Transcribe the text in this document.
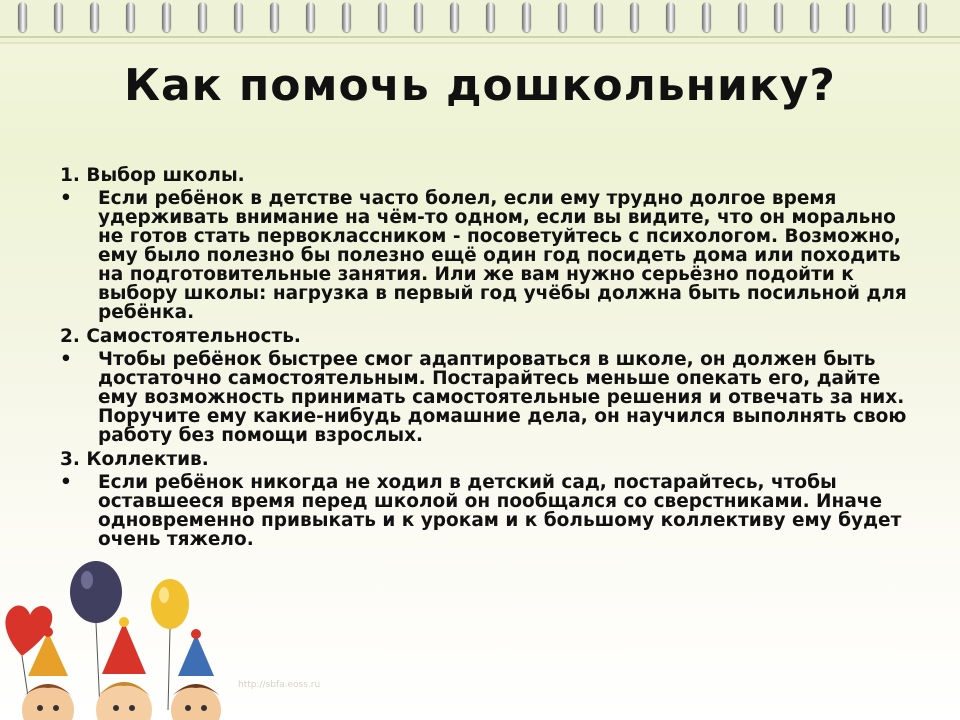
Как помочь дошкольнику?

1. Выбор школы.

• Если ребёнок в детстве часто болел, если ему трудно долгое время удерживать внимание на чём-то одном, если вы видите, что он морально не готов стать первоклассником - посоветуйтесь с психологом. Возможно, ему было полезно бы полезно ещё один год посидеть дома или походить на подготовительные занятия. Или же вам нужно серьёзно подойти к выбору школы: нагрузка в первый год учёбы должна быть посильной для ребёнка.

2. Самостоятельность.

• Чтобы ребёнок быстрее смог адаптироваться в школе, он должен быть достаточно самостоятельным. Постарайтесь меньше опекать его, дайте ему возможность принимать самостоятельные решения и отвечать за них. Поручите ему какие-нибудь домашние дела, он научился выполнять свою работу без помощи взрослых.

3. Коллектив.

• Если ребёнок никогда не ходил в детский сад, постарайтесь, чтобы оставшееся время перед школой он пообщался со сверстниками. Иначе одновременно привыкать и к урокам и к большому коллективу ему будет очень тяжело.

http://sbfa.eoss.ru
